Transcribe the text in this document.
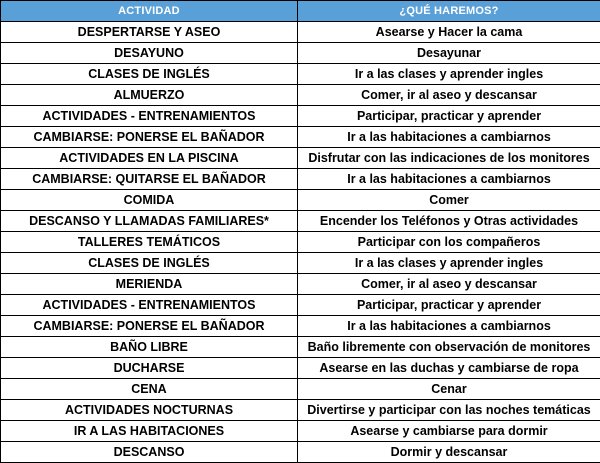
ACTIVIDAD	¿QUÉ HAREMOS?
DESPERTARSE Y ASEO	Asearse y Hacer la cama
DESAYUNO	Desayunar
CLASES DE INGLÉS	Ir a las clases y aprender ingles
ALMUERZO	Comer, ir al aseo y descansar
ACTIVIDADES - ENTRENAMIENTOS	Participar, practicar y aprender
CAMBIARSE: PONERSE EL BAÑADOR	Ir a las habitaciones a cambiarnos
ACTIVIDADES EN LA PISCINA	Disfrutar con las indicaciones de los monitores
CAMBIARSE: QUITARSE EL BAÑADOR	Ir a las habitaciones a cambiarnos
COMIDA	Comer
DESCANSO Y LLAMADAS FAMILIARES*	Encender los Teléfonos y Otras actividades
TALLERES TEMÁTICOS	Participar con los compañeros
CLASES DE INGLÉS	Ir a las clases y aprender ingles
MERIENDA	Comer, ir al aseo y descansar
ACTIVIDADES - ENTRENAMIENTOS	Participar, practicar y aprender
CAMBIARSE: PONERSE EL BAÑADOR	Ir a las habitaciones a cambiarnos
BAÑO LIBRE	Baño libremente con observación de monitores
DUCHARSE	Asearse en las duchas y cambiarse de ropa
CENA	Cenar
ACTIVIDADES NOCTURNAS	Divertirse y participar con las noches temáticas
IR A LAS HABITACIONES	Asearse y cambiarse para dormir
DESCANSO	Dormir y descansar
